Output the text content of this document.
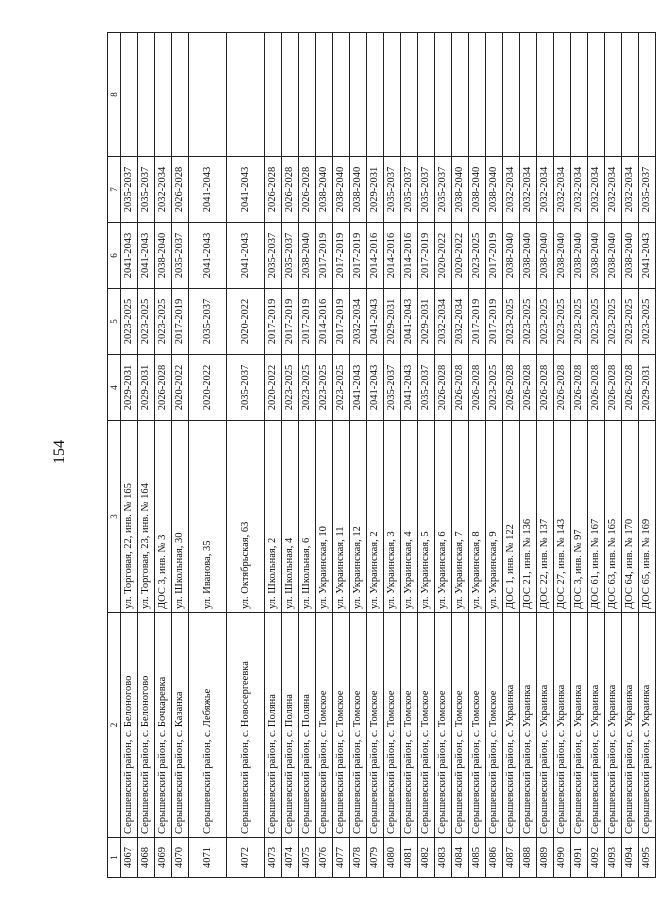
154
1	2	3	4	5	6	7	8
4067	Серышевский район, с. Белоногово	ул. Торговая, 22, инв. № 165	2029-2031	2023-2025	2041-2043	2035-2037	
4068	Серышевский район, с. Белоногово	ул. Торговая, 23, инв. № 164	2029-2031	2023-2025	2041-2043	2035-2037	
4069	Серышевский район, с. Бочкаревка	ДОС 3, инв. № 3	2026-2028	2023-2025	2038-2040	2032-2034	
4070	Серышевский район, с. Казанка	ул. Школьная, 30	2020-2022	2017-2019	2035-2037	2026-2028	
4071	Серышевский район, с. Лебяжье	ул. Иванова, 35	2020-2022	2035-2037	2041-2043	2041-2043	
4072	Серышевский район, с. Новосергеевка	ул. Октябрьская, 63	2035-2037	2020-2022	2041-2043	2041-2043	
4073	Серышевский район, с. Поляна	ул. Школьная, 2	2020-2022	2017-2019	2035-2037	2026-2028	
4074	Серышевский район, с. Поляна	ул. Школьная, 4	2023-2025	2017-2019	2035-2037	2026-2028	
4075	Серышевский район, с. Поляна	ул. Школьная, 6	2023-2025	2017-2019	2038-2040	2026-2028	
4076	Серышевский район, с. Томское	ул. Украинская, 10	2023-2025	2014-2016	2017-2019	2038-2040	
4077	Серышевский район, с. Томское	ул. Украинская, 11	2023-2025	2017-2019	2017-2019	2038-2040	
4078	Серышевский район, с. Томское	ул. Украинская, 12	2041-2043	2032-2034	2017-2019	2038-2040	
4079	Серышевский район, с. Томское	ул. Украинская, 2	2041-2043	2041-2043	2014-2016	2029-2031	
4080	Серышевский район, с. Томское	ул. Украинская, 3	2035-2037	2029-2031	2014-2016	2035-2037	
4081	Серышевский район, с. Томское	ул. Украинская, 4	2041-2043	2041-2043	2014-2016	2035-2037	
4082	Серышевский район, с. Томское	ул. Украинская, 5	2035-2037	2029-2031	2017-2019	2035-2037	
4083	Серышевский район, с. Томское	ул. Украинская, 6	2026-2028	2032-2034	2020-2022	2035-2037	
4084	Серышевский район, с. Томское	ул. Украинская, 7	2026-2028	2032-2034	2020-2022	2038-2040	
4085	Серышевский район, с. Томское	ул. Украинская, 8	2026-2028	2017-2019	2023-2025	2038-2040	
4086	Серышевский район, с. Томское	ул. Украинская, 9	2023-2025	2017-2019	2017-2019	2038-2040	
4087	Серышевский район, с. Украинка	ДОС 1, инв. № 122	2026-2028	2023-2025	2038-2040	2032-2034	
4088	Серышевский район, с. Украинка	ДОС 21, инв. № 136	2026-2028	2023-2025	2038-2040	2032-2034	
4089	Серышевский район, с. Украинка	ДОС 22, инв. № 137	2026-2028	2023-2025	2038-2040	2032-2034	
4090	Серышевский район, с. Украинка	ДОС 27, инв. № 143	2026-2028	2023-2025	2038-2040	2032-2034	
4091	Серышевский район, с. Украинка	ДОС 3, инв. № 97	2026-2028	2023-2025	2038-2040	2032-2034	
4092	Серышевский район, с. Украинка	ДОС 61, инв. № 167	2026-2028	2023-2025	2038-2040	2032-2034	
4093	Серышевский район, с. Украинка	ДОС 63, инв. № 165	2026-2028	2023-2025	2038-2040	2032-2034	
4094	Серышевский район, с. Украинка	ДОС 64, инв. № 170	2026-2028	2023-2025	2038-2040	2032-2034	
4095	Серышевский район, с. Украинка	ДОС 65, инв. № 169	2029-2031	2023-2025	2041-2043	2035-2037	
